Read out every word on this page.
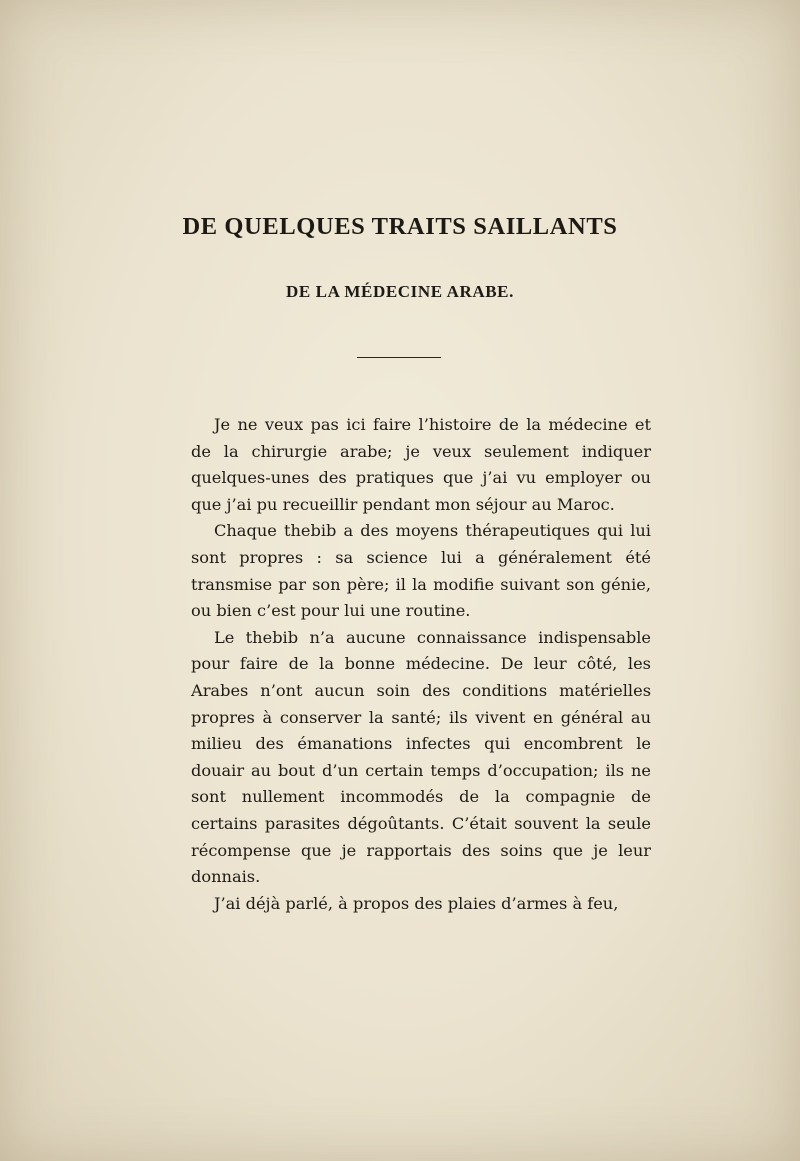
DE QUELQUES TRAITS SAILLANTS
DE LA MÉDECINE ARABE.

Je ne veux pas ici faire l’histoire de la médecine et de la chirurgie arabe; je veux seulement indiquer quelques-unes des pratiques que j’ai vu employer ou que j’ai pu recueillir pendant mon séjour au Maroc.

Chaque thebib a des moyens thérapeutiques qui lui sont propres : sa science lui a généralement été transmise par son père; il la modifie suivant son génie, ou bien c’est pour lui une routine.

Le thebib n’a aucune connaissance indispensable pour faire de la bonne médecine. De leur côté, les Arabes n’ont aucun soin des conditions matérielles propres à conserver la santé; ils vivent en général au milieu des émanations infectes qui encombrent le douair au bout d’un certain temps d’occupation; ils ne sont nullement incommodés de la compagnie de certains parasites dégoûtants. C’était souvent la seule récompense que je rapportais des soins que je leur donnais.

J’ai déjà parlé, à propos des plaies d’armes à feu,
